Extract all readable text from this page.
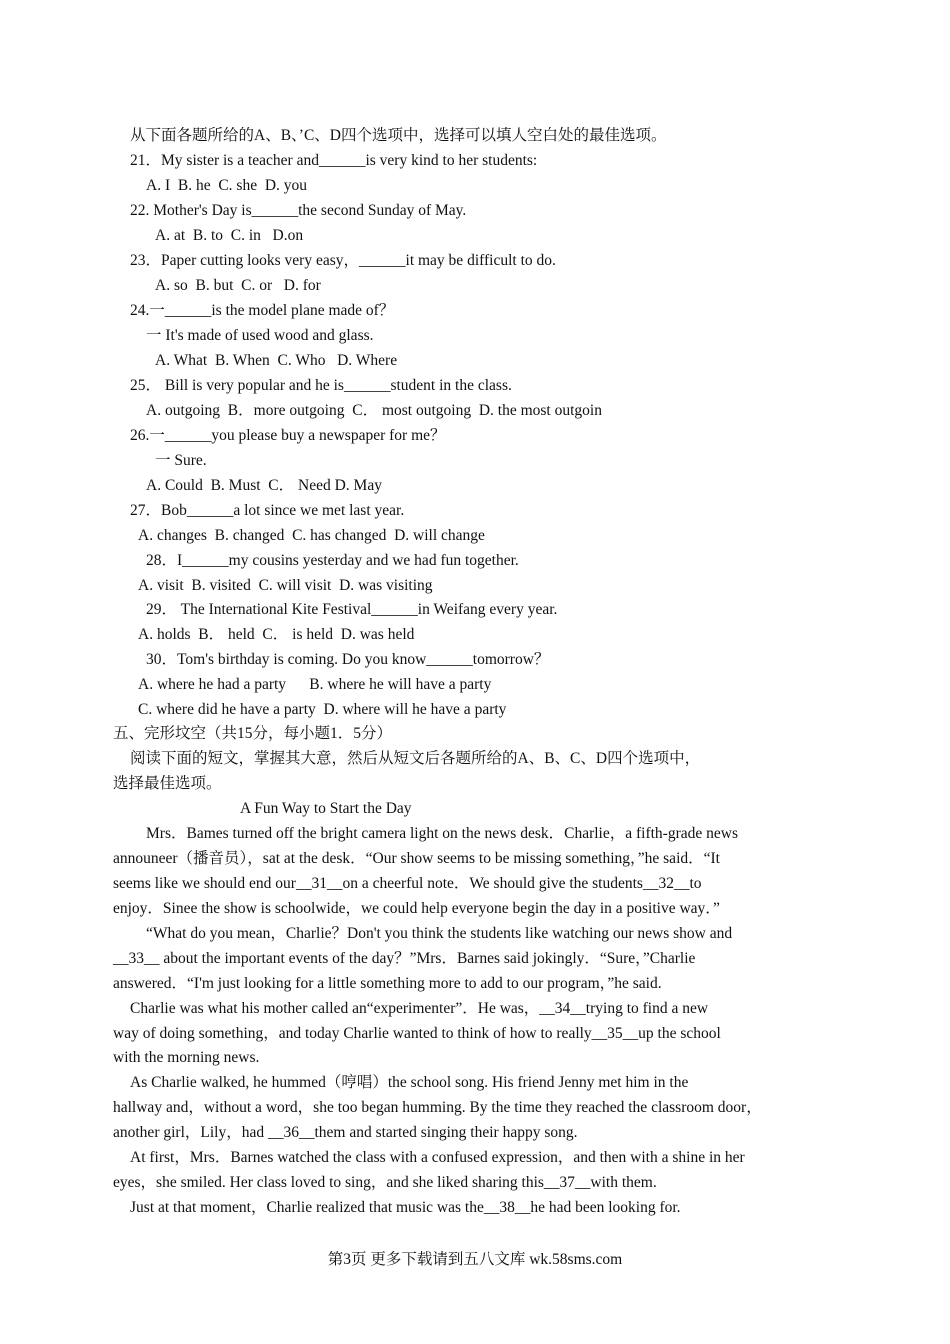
从下面各题所给的A、B、’C、D四个选项中，选择可以填人空白处的最佳选项。
21．My sister is a teacher and______is very kind to her students:
A. I  B. he  C. she  D. you
22. Mother's Day is______the second Sunday of May.
A. at  B. to  C. in   D.on
23．Paper cutting looks very easy，______it may be difficult to do.
A. so  B. but  C. or   D. for
24.一______is the model plane made of？
一 It's made of used wood and glass.
A. What  B. When  C. Who   D. Where
25． Bill is very popular and he is______student in the class.
A. outgoing  B．more outgoing  C． most outgoing  D. the most outgoin
26.一______you please buy a newspaper for me？
一 Sure.
A. Could  B. Must  C． Need D. May
27．Bob______a lot since we met last year.
A. changes  B. changed  C. has changed  D. will change
28．I______my cousins yesterday and we had fun together.
A. visit  B. visited  C. will visit  D. was visiting
29． The International Kite Festival______in Weifang every year.
A. holds  B． held  C． is held  D. was held
30．Tom's birthday is coming. Do you know______tomorrow？
A. where he had a party      B. where he will have a party
C. where did he have a party  D. where will he have a party
五、完形坟空（共15分，每小题1．5分）
阅读下面的短文，掌握其大意，然后从短文后各题所给的A、B、C、D四个选项中，
选择最佳选项。
A Fun Way to Start the Day
Mrs．Bames turned off the bright camera light on the news desk．Charlie，a fifth-grade news
announeer（播音员），sat at the desk．“Our show seems to be missing something，”he said．“It
seems like we should end our__31__on a cheerful note．We should give the students__32__to
enjoy．Sinee the show is schoolwide，we could help everyone begin the day in a positive way．”
“What do you mean，Charlie？Don't you think the students like watching our news show and
__33__ about the important events of the day？”Mrs．Barnes said jokingly．“Sure，”Charlie
answered．“I'm just looking for a little something more to add to our program，”he said.
Charlie was what his mother called an“experimenter”．He was，__34__trying to find a new
way of doing something，and today Charlie wanted to think of how to really__35__up the school
with the morning news.
As Charlie walked, he hummed（哼唱）the school song. His friend Jenny met him in the
hallway and，without a word，she too began humming. By the time they reached the classroom door，
another girl，Lily，had __36__them and started singing their happy song.
At first，Mrs．Barnes watched the class with a confused expression，and then with a shine in her
eyes，she smiled. Her class loved to sing，and she liked sharing this__37__with them.
Just at that moment，Charlie realized that music was the__38__he had been looking for.
第3页 更多下载请到五八文库 wk.58sms.com
